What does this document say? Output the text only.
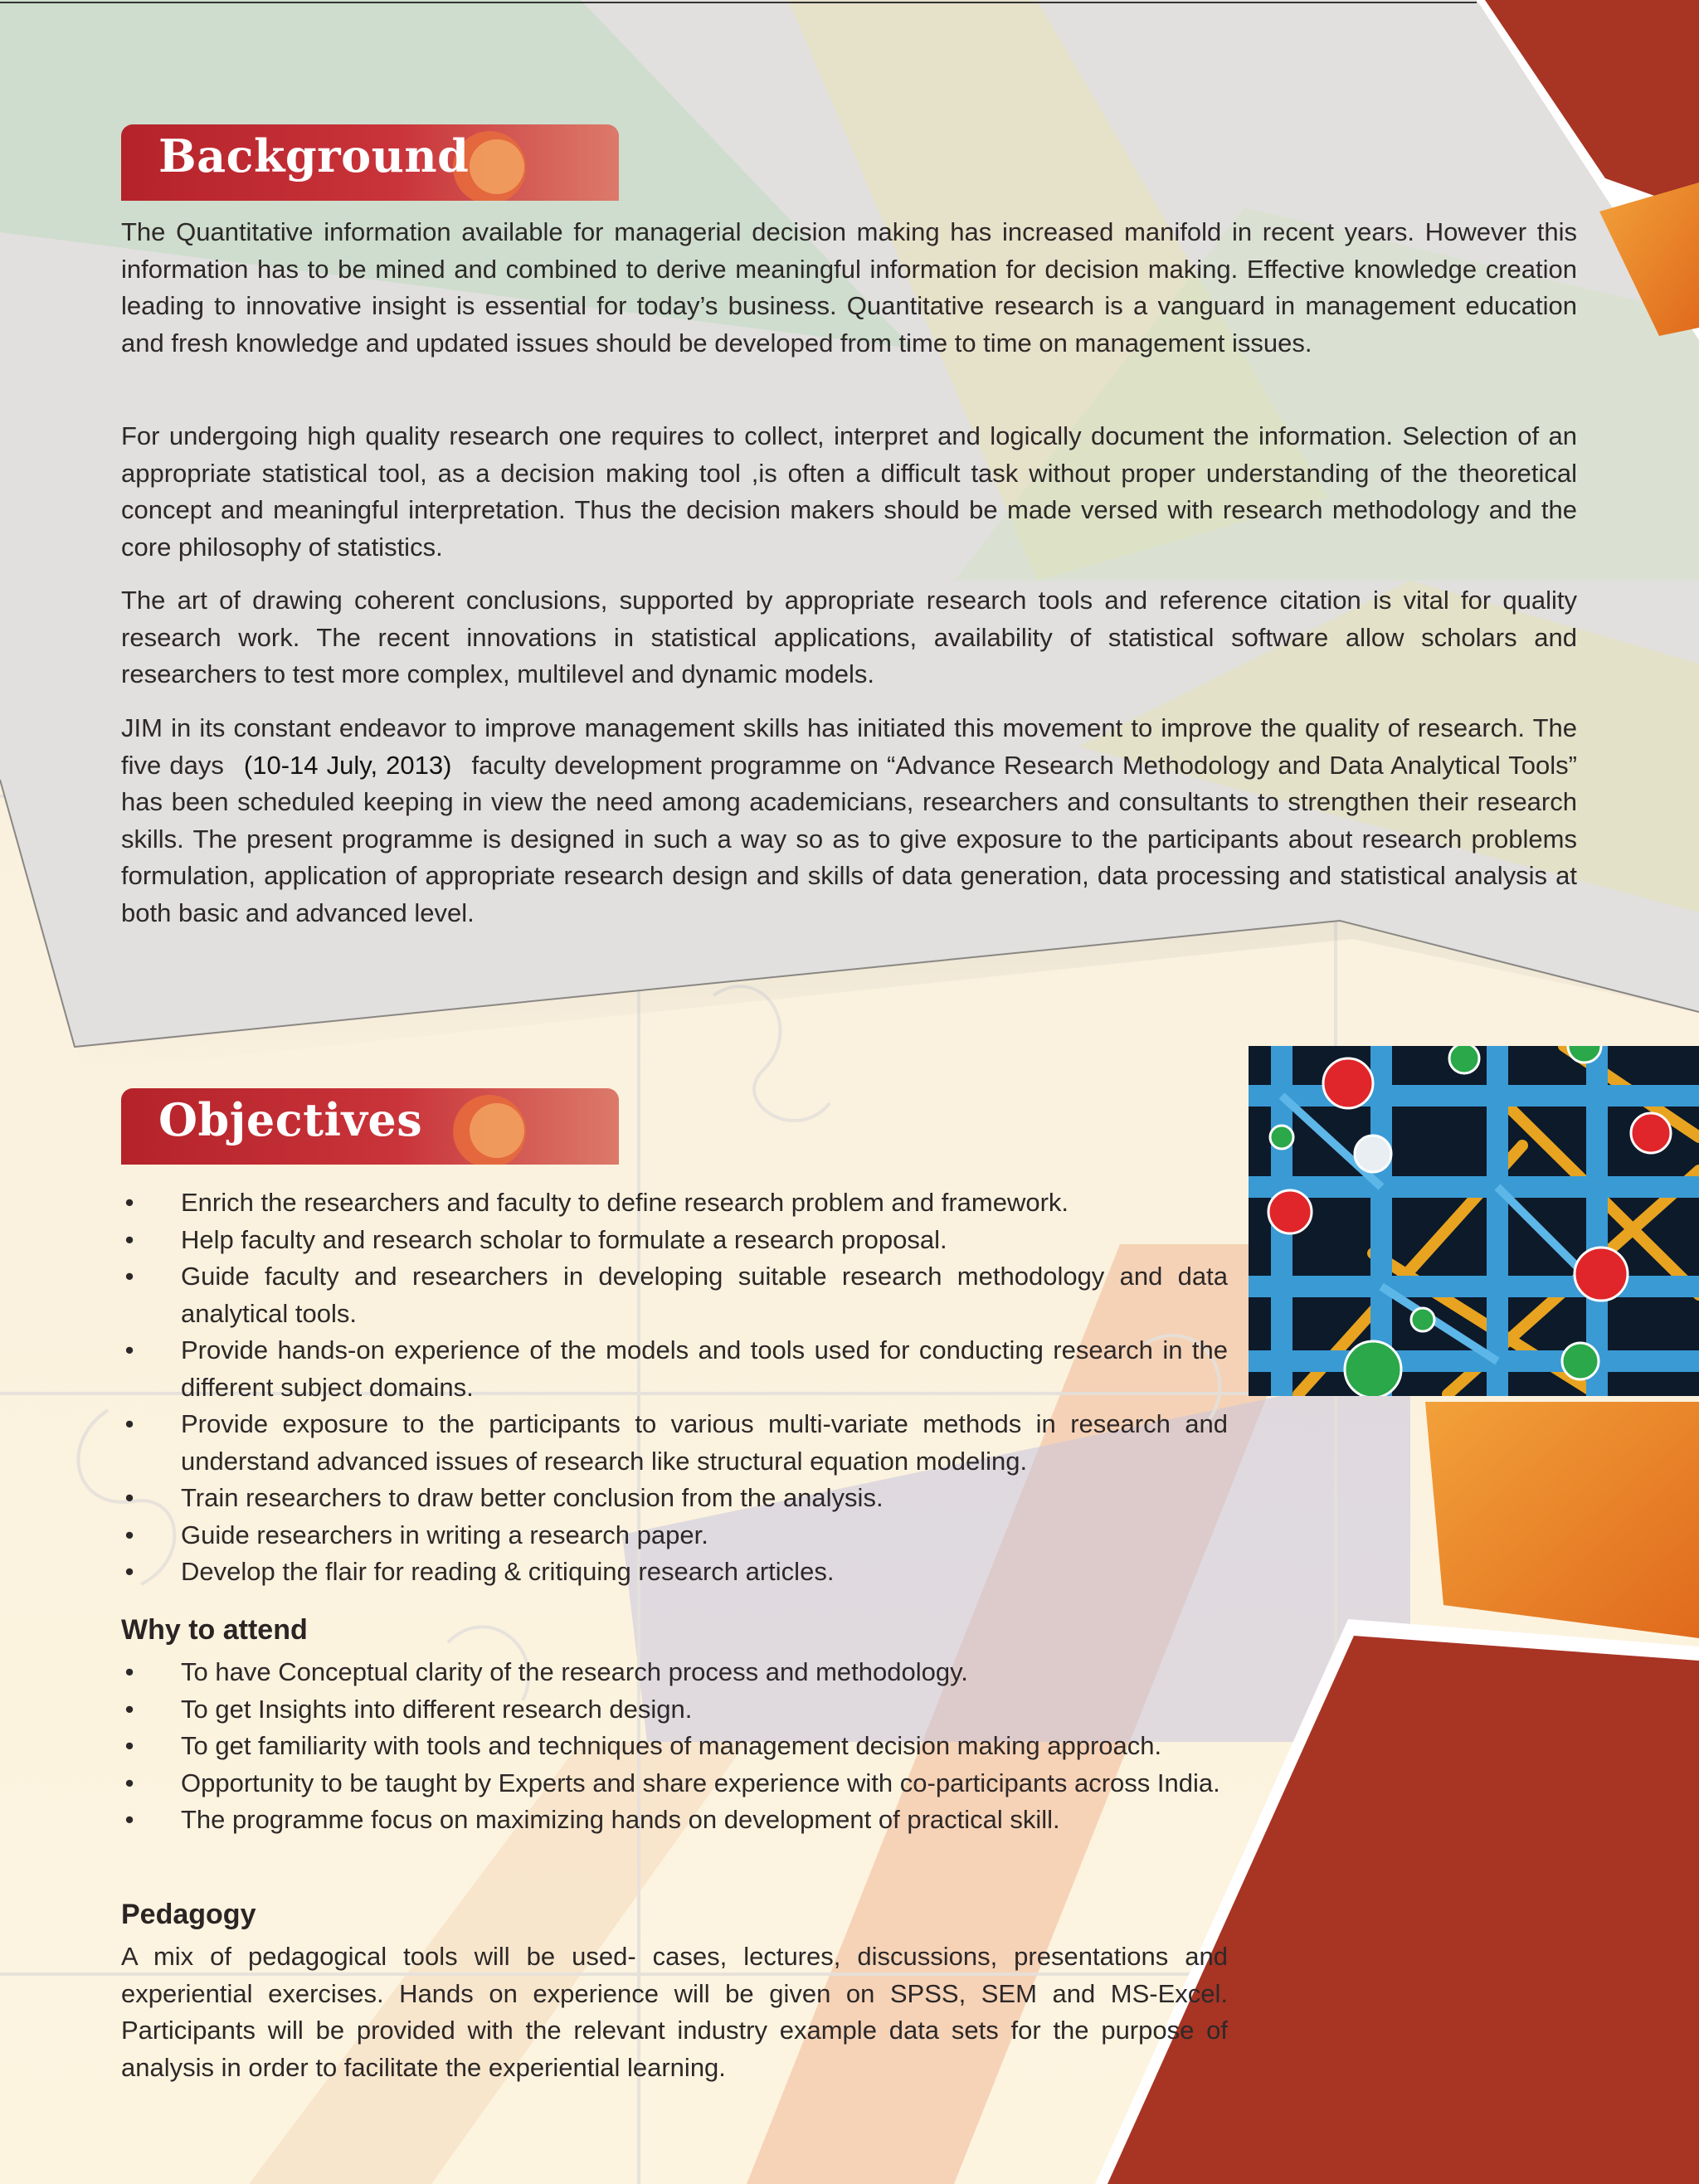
Background
The Quantitative information available for managerial decision making has increased manifold in recent years. However this information has to be mined and combined to derive meaningful information for decision making. Effective knowledge creation leading to innovative insight is essential for today’s business. Quantitative research is a vanguard in management education and fresh knowledge and updated issues should be developed from time to time on management issues.
For undergoing high quality research one requires to collect, interpret and logically document the information. Selection of an appropriate statistical tool, as a decision making tool ,is often a difficult task without proper understanding of the theoretical concept and meaningful interpretation. Thus the decision makers should be made versed with research methodology and the core philosophy of statistics.
The art of drawing coherent conclusions, supported by appropriate research tools and reference citation is vital for quality research work. The recent innovations in statistical applications, availability of statistical software allow scholars and researchers to test more complex, multilevel and dynamic models.
JIM in its constant endeavor to improve management skills has initiated this movement to improve the quality of research. The five days (10-14 July, 2013) faculty development programme on “Advance Research Methodology and Data Analytical Tools” has been scheduled keeping in view the need among academicians, researchers and consultants to strengthen their research skills. The present programme is designed in such a way so as to give exposure to the participants about research problems formulation, application of appropriate research design and skills of data generation, data processing and statistical analysis at both basic and advanced level.
Objectives
• Enrich the researchers and faculty to define research problem and framework.
• Help faculty and research scholar to formulate a research proposal.
• Guide faculty and researchers in developing suitable research methodology and data analytical tools.
• Provide hands-on experience of the models and tools used for conducting research in the different subject domains.
• Provide exposure to the participants to various multi-variate methods in research and understand advanced issues of research like structural equation modeling.
• Train researchers to draw better conclusion from the analysis.
• Guide researchers in writing a research paper.
• Develop the flair for reading & critiquing research articles.
Why to attend
• To have Conceptual clarity of the research process and methodology.
• To get Insights into different research design.
• To get familiarity with tools and techniques of management decision making approach.
• Opportunity to be taught by Experts and share experience with co-participants across India.
• The programme focus on maximizing hands on development of practical skill.
Pedagogy
A mix of pedagogical tools will be used- cases, lectures, discussions, presentations and experiential exercises. Hands on experience will be given on SPSS, SEM and MS-Excel. Participants will be provided with the relevant industry example data sets for the purpose of analysis in order to facilitate the experiential learning.
